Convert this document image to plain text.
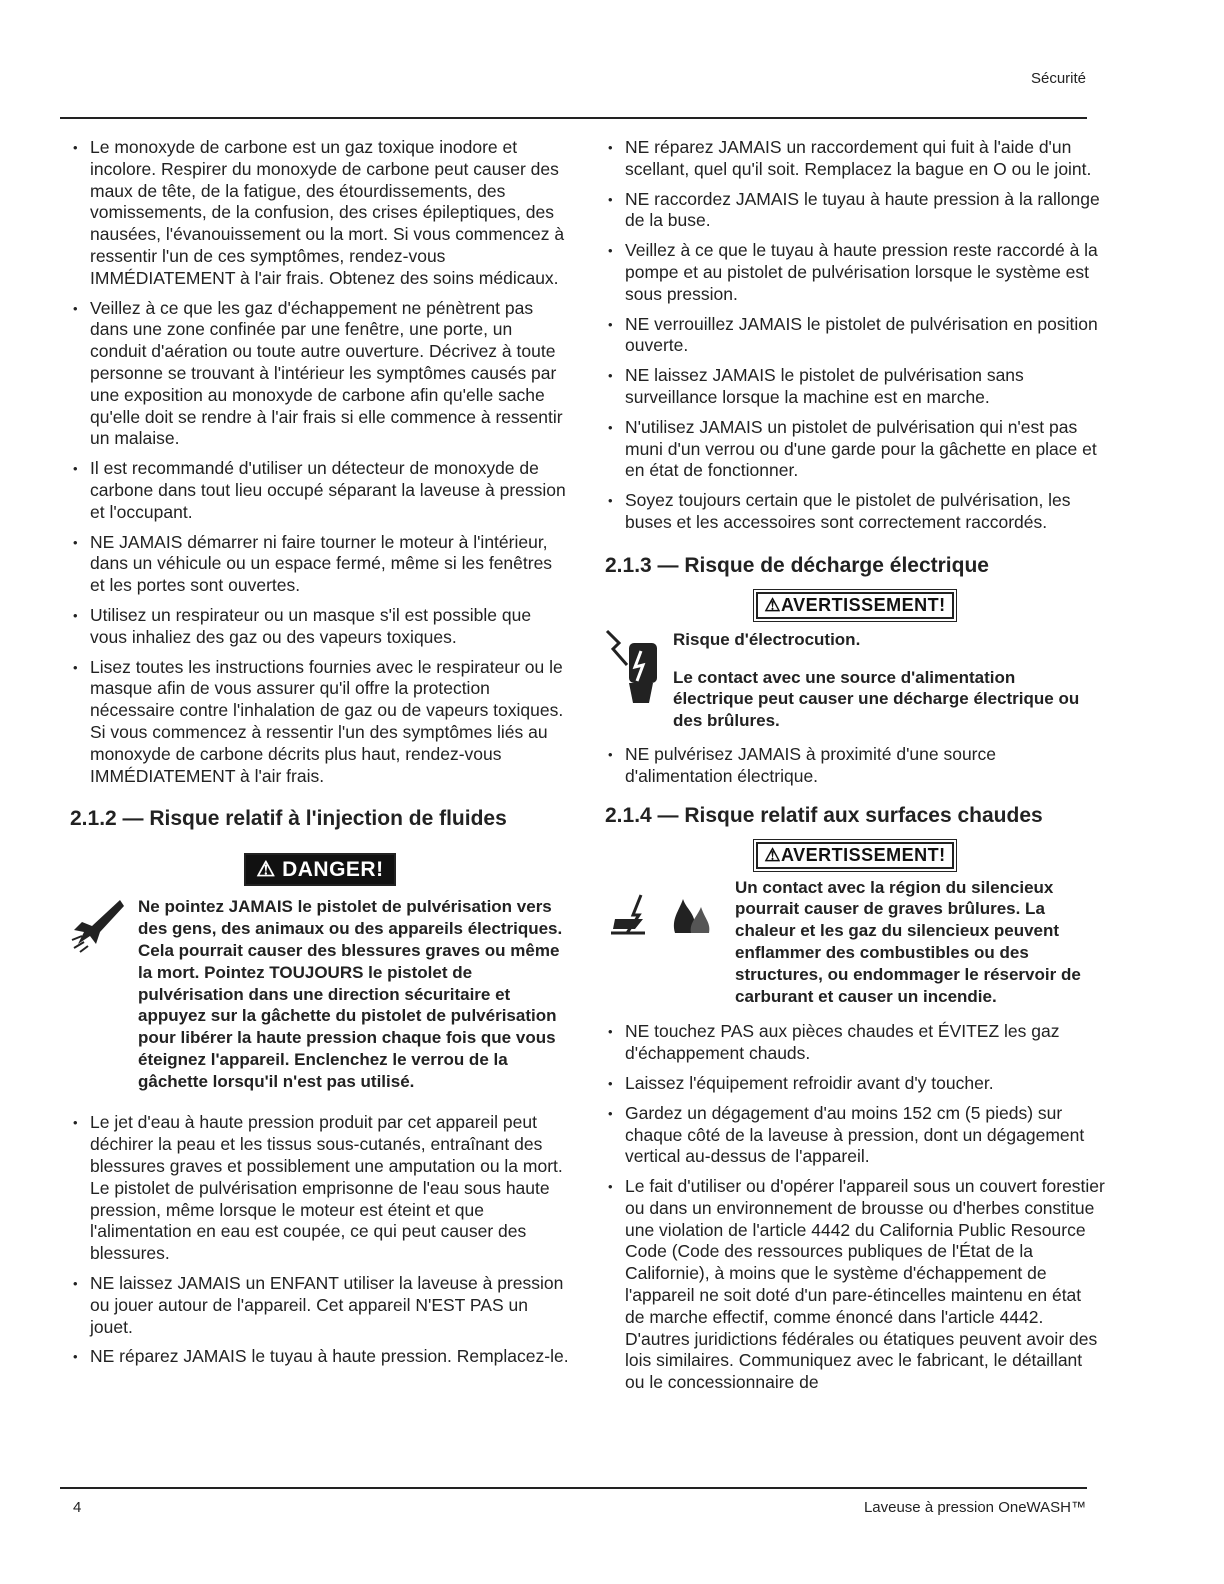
Sécurité
• Le monoxyde de carbone est un gaz toxique inodore et incolore. Respirer du monoxyde de carbone peut causer des maux de tête, de la fatigue, des étourdissements, des vomissements, de la confusion, des crises épileptiques, des nausées, l'évanouissement ou la mort. Si vous commencez à ressentir l'un de ces symptômes, rendez-vous IMMÉDIATEMENT à l'air frais. Obtenez des soins médicaux.
• Veillez à ce que les gaz d'échappement ne pénètrent pas dans une zone confinée par une fenêtre, une porte, un conduit d'aération ou toute autre ouverture. Décrivez à toute personne se trouvant à l'intérieur les symptômes causés par une exposition au monoxyde de carbone afin qu'elle sache qu'elle doit se rendre à l'air frais si elle commence à ressentir un malaise.
• Il est recommandé d'utiliser un détecteur de monoxyde de carbone dans tout lieu occupé séparant la laveuse à pression et l'occupant.
• NE JAMAIS démarrer ni faire tourner le moteur à l'intérieur, dans un véhicule ou un espace fermé, même si les fenêtres et les portes sont ouvertes.
• Utilisez un respirateur ou un masque s'il est possible que vous inhaliez des gaz ou des vapeurs toxiques.
• Lisez toutes les instructions fournies avec le respirateur ou le masque afin de vous assurer qu'il offre la protection nécessaire contre l'inhalation de gaz ou de vapeurs toxiques. Si vous commencez à ressentir l'un des symptômes liés au monoxyde de carbone décrits plus haut, rendez-vous IMMÉDIATEMENT à l'air frais.
2.1.2 — Risque relatif à l'injection de fluides
⚠ DANGER!
Ne pointez JAMAIS le pistolet de pulvérisation vers des gens, des animaux ou des appareils électriques. Cela pourrait causer des blessures graves ou même la mort. Pointez TOUJOURS le pistolet de pulvérisation dans une direction sécuritaire et appuyez sur la gâchette du pistolet de pulvérisation pour libérer la haute pression chaque fois que vous éteignez l'appareil. Enclenchez le verrou de la gâchette lorsqu'il n'est pas utilisé.
• Le jet d'eau à haute pression produit par cet appareil peut déchirer la peau et les tissus sous-cutanés, entraînant des blessures graves et possiblement une amputation ou la mort. Le pistolet de pulvérisation emprisonne de l'eau sous haute pression, même lorsque le moteur est éteint et que l'alimentation en eau est coupée, ce qui peut causer des blessures.
• NE laissez JAMAIS un ENFANT utiliser la laveuse à pression ou jouer autour de l'appareil. Cet appareil N'EST PAS un jouet.
• NE réparez JAMAIS le tuyau à haute pression. Remplacez-le.
• NE réparez JAMAIS un raccordement qui fuit à l'aide d'un scellant, quel qu'il soit. Remplacez la bague en O ou le joint.
• NE raccordez JAMAIS le tuyau à haute pression à la rallonge de la buse.
• Veillez à ce que le tuyau à haute pression reste raccordé à la pompe et au pistolet de pulvérisation lorsque le système est sous pression.
• NE verrouillez JAMAIS le pistolet de pulvérisation en position ouverte.
• NE laissez JAMAIS le pistolet de pulvérisation sans surveillance lorsque la machine est en marche.
• N'utilisez JAMAIS un pistolet de pulvérisation qui n'est pas muni d'un verrou ou d'une garde pour la gâchette en place et en état de fonctionner.
• Soyez toujours certain que le pistolet de pulvérisation, les buses et les accessoires sont correctement raccordés.
2.1.3 — Risque de décharge électrique
⚠AVERTISSEMENT!

Risque d'électrocution.

Le contact avec une source d'alimentation électrique peut causer une décharge électrique ou des brûlures.

• NE pulvérisez JAMAIS à proximité d'une source d'alimentation électrique.
2.1.4 — Risque relatif aux surfaces chaudes
⚠AVERTISSEMENT!
Un contact avec la région du silencieux pourrait causer de graves brûlures. La chaleur et les gaz du silencieux peuvent enflammer des combustibles ou des structures, ou endommager le réservoir de carburant et causer un incendie.
• NE touchez PAS aux pièces chaudes et ÉVITEZ les gaz d'échappement chauds.
• Laissez l'équipement refroidir avant d'y toucher.
• Gardez un dégagement d'au moins 152 cm (5 pieds) sur chaque côté de la laveuse à pression, dont un dégagement vertical au-dessus de l'appareil.
• Le fait d'utiliser ou d'opérer l'appareil sous un couvert forestier ou dans un environnement de brousse ou d'herbes constitue une violation de l'article 4442 du California Public Resource Code (Code des ressources publiques de l'État de la Californie), à moins que le système d'échappement de l'appareil ne soit doté d'un pare-étincelles maintenu en état de marche effectif, comme énoncé dans l'article 4442. D'autres juridictions fédérales ou étatiques peuvent avoir des lois similaires. Communiquez avec le fabricant, le détaillant ou le concessionnaire de
4	Laveuse à pression OneWASH™
